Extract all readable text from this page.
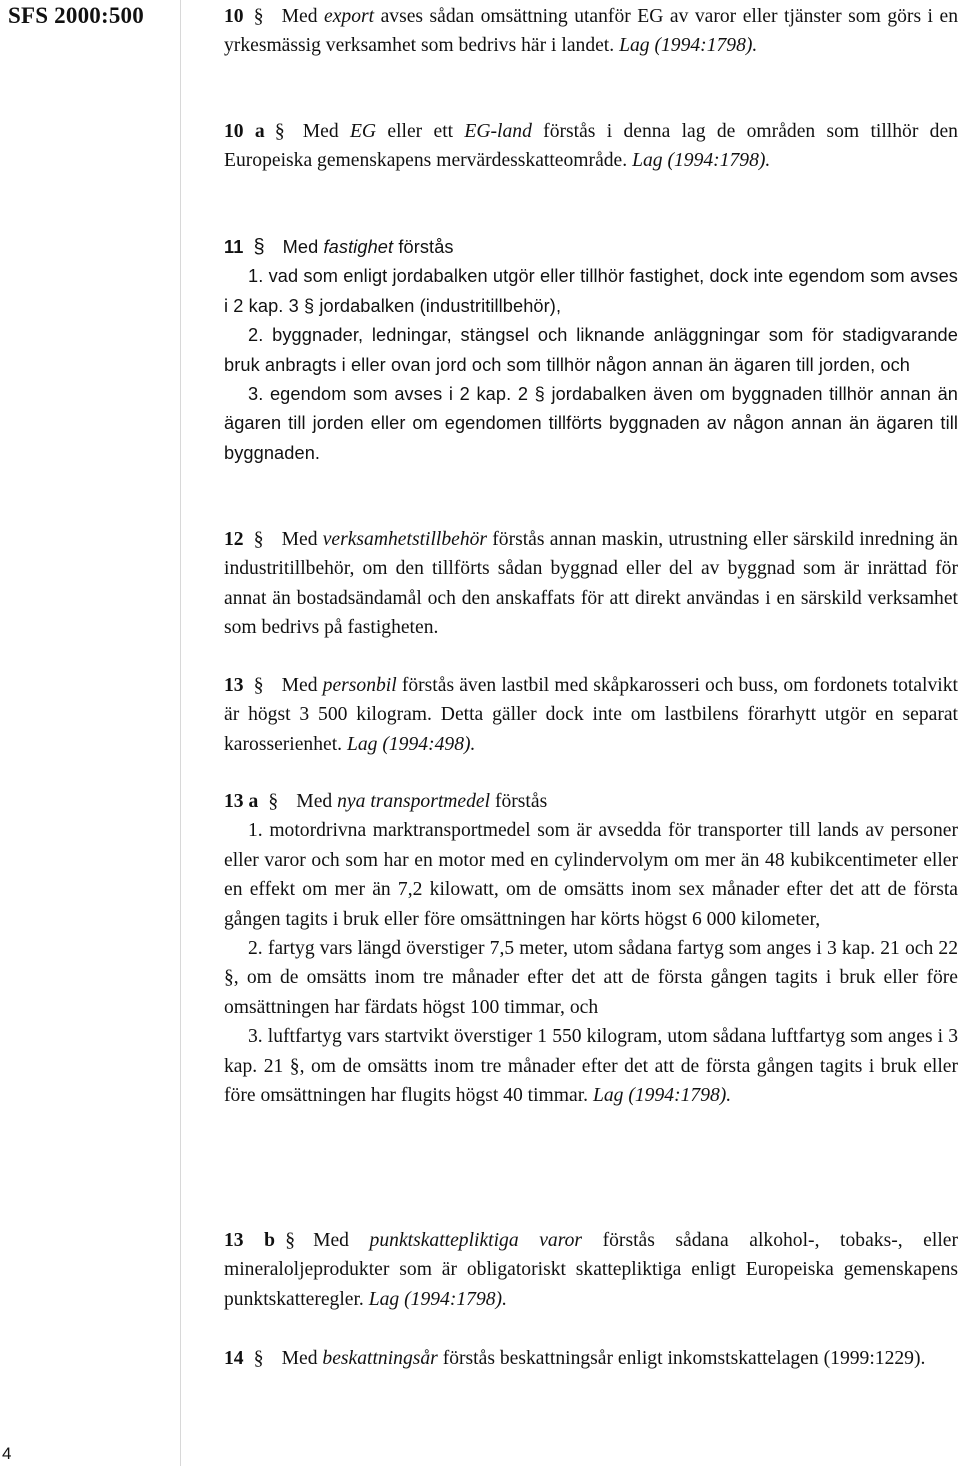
SFS 2000:500	10 § Med export avses sådan omsättning utanför EG av varor eller tjänster som görs i en yrkesmässig verksamhet som bedrivs här i landet. Lag (1994:1798).

10 a § Med EG eller ett EG-land förstås i denna lag de områden som tillhör den Europeiska gemenskapens mervärdesskatteområde. Lag (1994:1798).

11 § Med fastighet förstås

1. vad som enligt jordabalken utgör eller tillhör fastighet, dock inte egendom som avses i 2 kap. 3 § jordabalken (industritillbehör),

2. byggnader, ledningar, stängsel och liknande anläggningar som för stadigvarande bruk anbragts i eller ovan jord och som tillhör någon annan än ägaren till jorden, och

3. egendom som avses i 2 kap. 2 § jordabalken även om byggnaden tillhör annan än ägaren till jorden eller om egendomen tillförts byggnaden av någon annan än ägaren till byggnaden.

12 § Med verksamhetstillbehör förstås annan maskin, utrustning eller särskild inredning än industritillbehör, om den tillförts sådan byggnad eller del av byggnad som är inrättad för annat än bostadsändamål och den anskaffats för att direkt användas i en särskild verksamhet som bedrivs på fastigheten.

13 § Med personbil förstås även lastbil med skåpkarosseri och buss, om fordonets totalvikt är högst 3 500 kilogram. Detta gäller dock inte om lastbilens förarhytt utgör en separat karosserienhet. Lag (1994:498).

13 a § Med nya transportmedel förstås

1. motordrivna marktransportmedel som är avsedda för transporter till lands av personer eller varor och som har en motor med en cylindervolym om mer än 48 kubikcentimeter eller en effekt om mer än 7,2 kilowatt, om de omsätts inom sex månader efter det att de första gången tagits i bruk eller före omsättningen har körts högst 6 000 kilometer,

2. fartyg vars längd överstiger 7,5 meter, utom sådana fartyg som anges i 3 kap. 21 och 22 §, om de omsätts inom tre månader efter det att de första gången tagits i bruk eller före omsättningen har färdats högst 100 timmar, och

3. luftfartyg vars startvikt överstiger 1 550 kilogram, utom sådana luftfartyg som anges i 3 kap. 21 §, om de omsätts inom tre månader efter det att de första gången tagits i bruk eller före omsättningen har flugits högst 40 timmar. Lag (1994:1798).

13 b § Med punktskattepliktiga varor förstås sådana alkohol-, tobaks-, eller mineraloljeprodukter som är obligatoriskt skattepliktiga enligt Europeiska gemenskapens punktskatteregler. Lag (1994:1798).

14 § Med beskattningsår förstås beskattningsår enligt inkomstskattelagen (1999:1229).

4
